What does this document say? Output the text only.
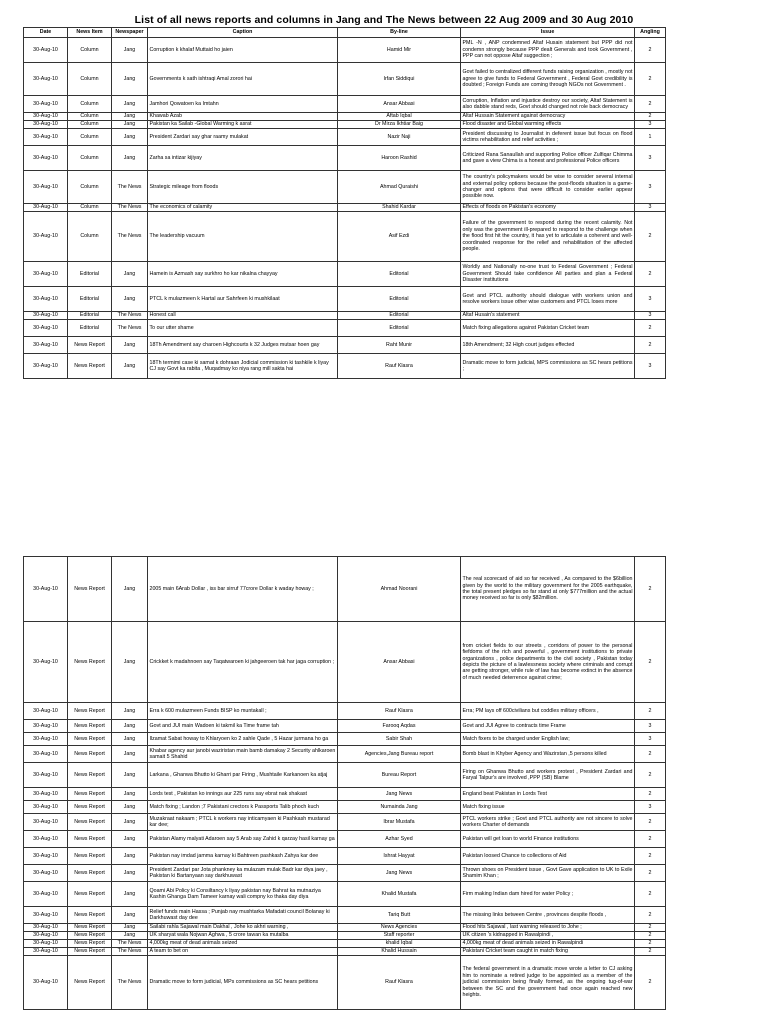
List of all news reports and columns in Jang and The News between 22 Aug 2009 and 30 Aug 2010
Date	News Item	Newspaper	Caption	By-line	Issue	Angling
30-Aug-10	Column	Jang	Corruption k khalaf Muttaid ho jaien	Hamid Mir	PML -N , ANP condemned Altaf Husain statement but PPP did not condemn strongly because PPP dealt Generals and took Government , PPP can not oppose Altaf suggection ;	2
30-Aug-10	Column	Jang	Governments k sath ishtraqi Amal zorori hai	Irfan Siddiqui	Govt failed to centralized different funds raising organization , mostly not agree to give funds to Federal Government , Federal Govt credibility is doubted ; Foreign Funds are coming through NGOs not Government .	2
30-Aug-10	Column	Jang	Jamhori Qowatoen ka Imtahn	Ansar Abbasi	Corruption, Inflation and injustice destroy our society, Altaf Statement is also dabble stand reds, Govt should changed not role back democracy	2
30-Aug-10	Column	Jang	Khawab Azab	Aftab Iqbal	Altaf Hussain Statement against democracy	2
30-Aug-10	Column	Jang	Pakistan ka Sailab -Global Warming k asrat	Dr Mirza Ikhtiar Baig	Flood disaster and Global warming effects	3
30-Aug-10	Column	Jang	President Zardari say ghar raamy mulakat	Nazir Naji	President discussing to Journalist in deferent issue but focus on flood victims rehabilitation and relief activities ;	1
30-Aug-10	Column	Jang	Zarha sa intizar kijiyay	Haroon Rashid	Criticized Rana Sanaullah and supporting Police officer Zulfiqar Chimma and gave a view Chima is a honest and professional Police officers	3
30-Aug-10	Column	The News	Strategic mileage from floods	Ahmad Quraishi	The country's policymakers would be wise to consider several internal and external policy options because the post-floods situation is a game-changer and options that were difficult to consider earlier appear possible now.	3
30-Aug-10	Column	The News	The economics of calamity	Shahid Kardar	Effects of floods on Pakistan's economy	3
30-Aug-10	Column	The News	The leadership vacuum	Asif Ezdi	Failure of the government to respond during the recent calamity. Not only was the government ill-prepared to respond to the challenge when the flood first hit the country, it has yet to articulate a coherent and well-coordinated response for the relief and rehabilitation of the affected people.	2
30-Aug-10	Editorial	Jang	Hamein is Azmash say surkhro ho kar nikalna chayyay	Editorial	Worldly and Nationally no-one trust to Federal Government ; Federal Government Should take confidence All parties and plan a Federal Disaster institutions	2
30-Aug-10	Editorial	Jang	PTCL k mulazmeen k Hartal aur Sahrfeen ki mushkilaat	Editorial	Govt and PTCL authority should dialogue with workers union and resolve workers issue other wise customers and PTCL loses more	3
30-Aug-10	Editorial	The News	Honest call	Editorial	Altaf Husain's statement	3
30-Aug-10	Editorial	The News	To our utter shame	Editorial	Match fixing allegations against Pakistan Cricket team	2
30-Aug-10	News Report	Jang	18Th Amendment say charoen Highcourts k 32 Judges mutsar hoen gay	Raht Munir	18th Amendment; 32 High court judges effected	2
30-Aug-10	News Report	Jang	18Th termimi case ki samat k dohraan Jodicial commission ki tashkile k liyay CJ say Govt ka rabita , Muqadmay ko niya rang mill sakta hai	Rauf Klasra	Dramatic move to form judicial, MPS commissions as SC hears petitions ;	3
30-Aug-10	News Report	Jang	2005 main 6Arab Dollar , iss bar sirruf 77crore Dollar k waday howay ;	Ahmad Noorani	The real scorecard of aid so far received , As compared to the $6billion given by the world to the military government for the 2005 earthquake, the total present pledges so far stand at only $777million and the actual money received so far is only $82million.	2
30-Aug-10	News Report	Jang	Crickket k madahnoen say Taqatwaroen ki jahgeeroen tak har jaga corruption ;	Ansar Abbasi	from cricket fields to our streets , corridors of power to the personal fiefdoms of the rich and powerful , government institutions to private organizations , police departments to the civil society , Pakistan today depicts the picture of a lawlessness society where criminals and corrupt are getting stronger, while rule of law has become extinct in the absence of much needed deterrence against crime;	2
30-Aug-10	News Report	Jang	Erra k 600 mulazmeen Funds BISP ko muntakall ;	Rauf Klasra	Erra; PM lays off 600civilians but coddles military officers ,	2
30-Aug-10	News Report	Jang	Govt and JUI main Wadoen ki takmil ka Time frame tah	Farooq Aqdas	Govt and JUI Agree to contracts time Frame	3
30-Aug-10	News Report	Jang	Ilzamat Sabat howay to Khlaryoen ko 2 sahle Qade , 5 Hazar jurmana ho ga	Sabir Shah	Match fixers to be charged under English law;	3
30-Aug-10	News Report	Jang	Khabar agency aur janobi waziristan main bamb damakay 2 Security ahlkaroen samait 5 Shahid	Agencies,Jang Bureau report	Bomb blast in Khyber Agency and Wazirstan ,5 persons killed	2
30-Aug-10	News Report	Jang	Larkana , Ghanwa Bhutto ki Gharri par Firing , Mushtaile Karkanoen ka atjaj	Bureau Report	Firing on Ghanwa Bhutto and workers protest , President Zardari and Faryal Talpur's are involved ,PPP (SB) Blame	2
30-Aug-10	News Report	Jang	Lords test , Pakistan ko innings aur 225 runs say ebrat nak shakast	Jang News	England beat Pakistan in Lords Test	2
30-Aug-10	News Report	Jang	Match fixing ; Landon ;7 Pakistani crectors k Passports Talib phoch kuch	Numainda Jang	Match fixing issue	3
30-Aug-10	News Report	Jang	Muzakraat nakaam ; PTCL k workers nay inticamyaen ki Pashkash mustarad kar dee;	Ibrar Mustafa	PTCL workers strike ; Govt and PTCL authority are not sincere to solve workers Charter of demands	2
30-Aug-10	News Report	Jang	Pakistan Alamy malyati Adaroen say 5 Arab say Zahid k qarzay hasil karnay ga	Azhar Syed	Pakistan will get loan to world Finance institutions	2
30-Aug-10	News Report	Jang	Pakistan nay imdad jamma karnay ki Bahtreen pashkash Zahya kar dee	Ishrat Hayyat	Pakistan loosed Chance to collections of Aid	2
30-Aug-10	News Report	Jang	President Zardari par Jota phankney ka mulazam mulak Badr kar diya jaey , Pakistan ki Bartanyaan say darkhuwast	Jang News	Thrown shoes on President issue , Govt Gave application to UK to Exile Shamim Khan ;	2
30-Aug-10	News Report	Jang	Qoami Abi Policy ki Consiltancy k liyay pakistan nay Bahrat ka mutnaziya Kashin Ghanga Dam Tameer karnay wali compny ko thaka day diya	Khalid Mustafa	Firm making Indian dam hired for water Policy ;	2
30-Aug-10	News Report	Jang	Relief funds main Hassa ; Punjab nay mushtarka Mafadati council Bolanay ki Darkhuwast day dee	Tariq Butt	The missing links between Centre , provinces despite floods ,	2
30-Aug-10	News Report	Jang	Sailabi rahla Sajawal main Dakhal , Johe ko akhri warning ,	News Agencies	Flood hits Sajawal , last warning released to Johe ;	2
30-Aug-10	News Report	Jang	UK sharyat wala Nojwan Aghwa , 5 crore tawan ka mutalba	Staff reporter	UK citizen 's kidnapped in Rawalpindi ,	2
30-Aug-10	News Report	The News	4,000kg meat of dead animals seized	khalid Iqbal	4,000kg meat of dead animals seized in Rawalpindi	2
30-Aug-10	News Report	The News	A team to bet on	Khalid Hussain	Pakistani Cricket team caught in match fixing	2
30-Aug-10	News Report	The News	Dramatic move to form judicial, MPs commissions as SC hears petitions	Rauf Klasra	The federal government in a dramatic move wrote a letter to CJ asking him to nominate a retired judge to be appointed as a member of the judicial commission being finally formed, as the ongoing tug-of-war between the SC and the government had once again reached new heights.	2
